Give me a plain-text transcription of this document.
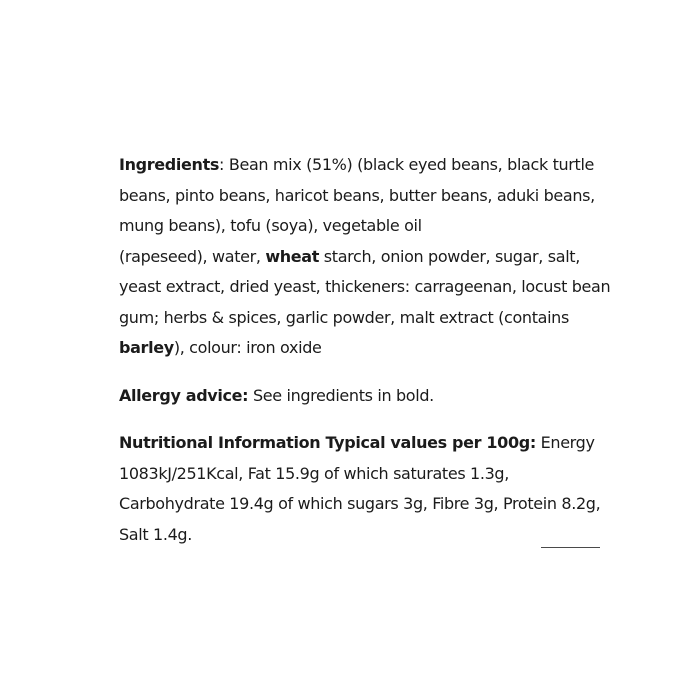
Ingredients: Bean mix (51%) (black eyed beans, black turtle
beans, pinto beans, haricot beans, butter beans, aduki beans,
mung beans), tofu (soya), vegetable oil
(rapeseed), water, wheat starch, onion powder, sugar, salt,
yeast extract, dried yeast, thickeners: carrageenan, locust bean
gum; herbs & spices, garlic powder, malt extract (contains
barley), colour: iron oxide

Allergy advice: See ingredients in bold.

Nutritional Information Typical values per 100g: Energy
1083kJ/251Kcal, Fat 15.9g of which saturates 1.3g,
Carbohydrate 19.4g of which sugars 3g, Fibre 3g, Protein 8.2g,
Salt 1.4g.
